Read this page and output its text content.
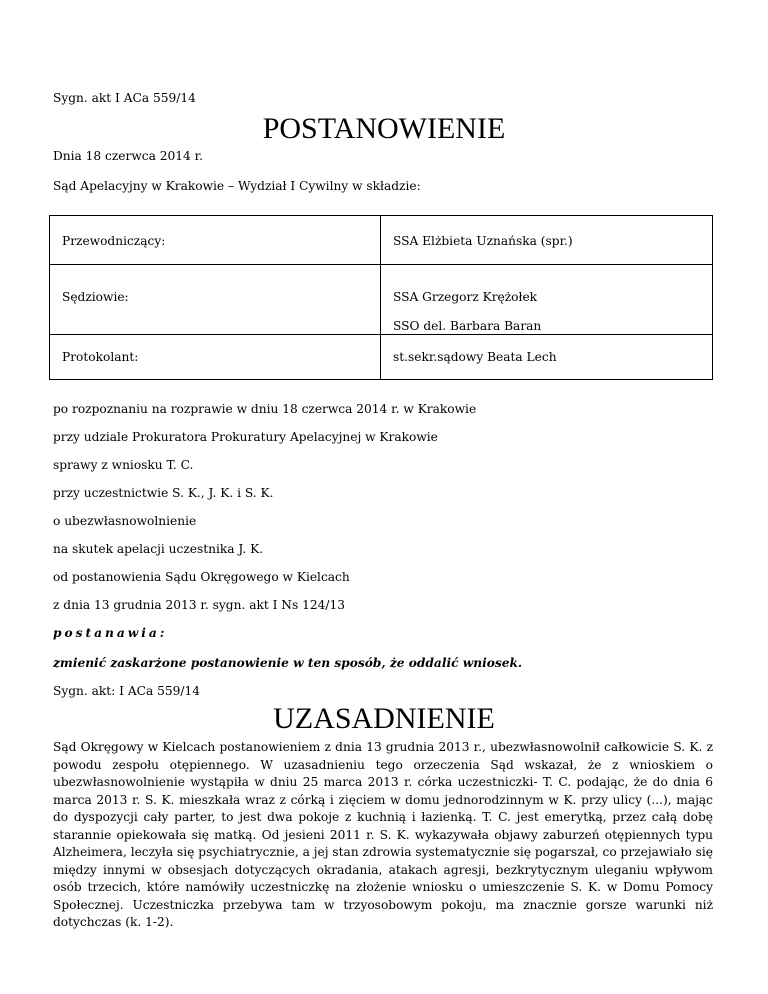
Sygn. akt I ACa 559/14
POSTANOWIENIE
Dnia 18 czerwca 2014 r.
Sąd Apelacyjny w Krakowie – Wydział I Cywilny w składzie:
Przewodniczący:	SSA Elżbieta Uznańska (spr.)

Sędziowie:	SSA Grzegorz Krężołek
SSO del. Barbara Baran

Protokolant:	st.sekr.sądowy Beata Lech
po rozpoznaniu na rozprawie w dniu 18 czerwca 2014 r. w Krakowie
przy udziale Prokuratora Prokuratury Apelacyjnej w Krakowie
sprawy z wniosku T. C.
przy uczestnictwie S. K., J. K. i S. K.
o ubezwłasnowolnienie
na skutek apelacji uczestnika J. K.
od postanowienia Sądu Okręgowego w Kielcach
z dnia 13 grudnia 2013 r. sygn. akt I Ns 124/13
postanawia:
zmienić zaskarżone postanowienie w ten sposób, że oddalić wniosek.
Sygn. akt: I ACa 559/14
UZASADNIENIE
Sąd Okręgowy w Kielcach postanowieniem z dnia 13 grudnia 2013 r., ubezwłasnowolnił całkowicie S. K. z powodu zespołu otępiennego. W uzasadnieniu tego orzeczenia Sąd wskazał, że z wnioskiem o ubezwłasnowolnienie wystąpiła w dniu 25 marca 2013 r. córka uczestniczki- T. C. podając, że do dnia 6 marca 2013 r. S. K. mieszkała wraz z córką i zięciem w domu jednorodzinnym w K. przy ulicy (...), mając do dyspozycji cały parter, to jest dwa pokoje z kuchnią i łazienką. T. C. jest emerytką, przez całą dobę starannie opiekowała się matką. Od jesieni 2011 r. S. K. wykazywała objawy zaburzeń otępiennych typu Alzheimera, leczyła się psychiatrycznie, a jej stan zdrowia systematycznie się pogarszał, co przejawiało się między innymi w obsesjach dotyczących okradania, atakach agresji, bezkrytycznym uleganiu wpływom osób trzecich, które namówiły uczestniczkę na złożenie wniosku o umieszczenie S. K. w Domu Pomocy Społecznej. Uczestniczka przebywa tam w trzyosobowym pokoju, ma znacznie gorsze warunki niż dotychczas (k. 1-2).
